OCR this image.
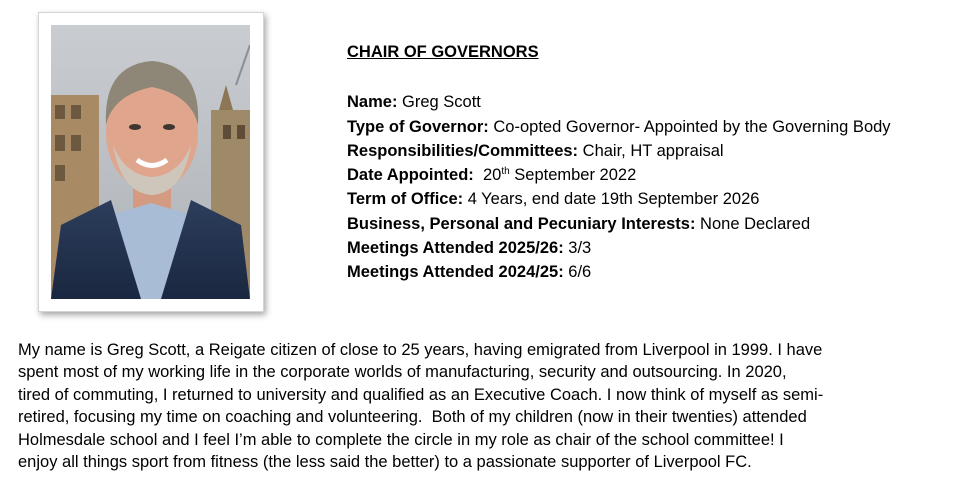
CHAIR OF GOVERNORS
Name: Greg Scott
Type of Governor: Co-opted Governor- Appointed by the Governing Body
Responsibilities/Committees: Chair, HT appraisal
Date Appointed:  20th September 2022
Term of Office: 4 Years, end date 19th September 2026
Business, Personal and Pecuniary Interests: None Declared
Meetings Attended 2025/26: 3/3
Meetings Attended 2024/25: 6/6
My name is Greg Scott, a Reigate citizen of close to 25 years, having emigrated from Liverpool in 1999. I have
spent most of my working life in the corporate worlds of manufacturing, security and outsourcing. In 2020,
tired of commuting, I returned to university and qualified as an Executive Coach. I now think of myself as semi-
retired, focusing my time on coaching and volunteering.  Both of my children (now in their twenties) attended
Holmesdale school and I feel I’m able to complete the circle in my role as chair of the school committee! I
enjoy all things sport from fitness (the less said the better) to a passionate supporter of Liverpool FC.
